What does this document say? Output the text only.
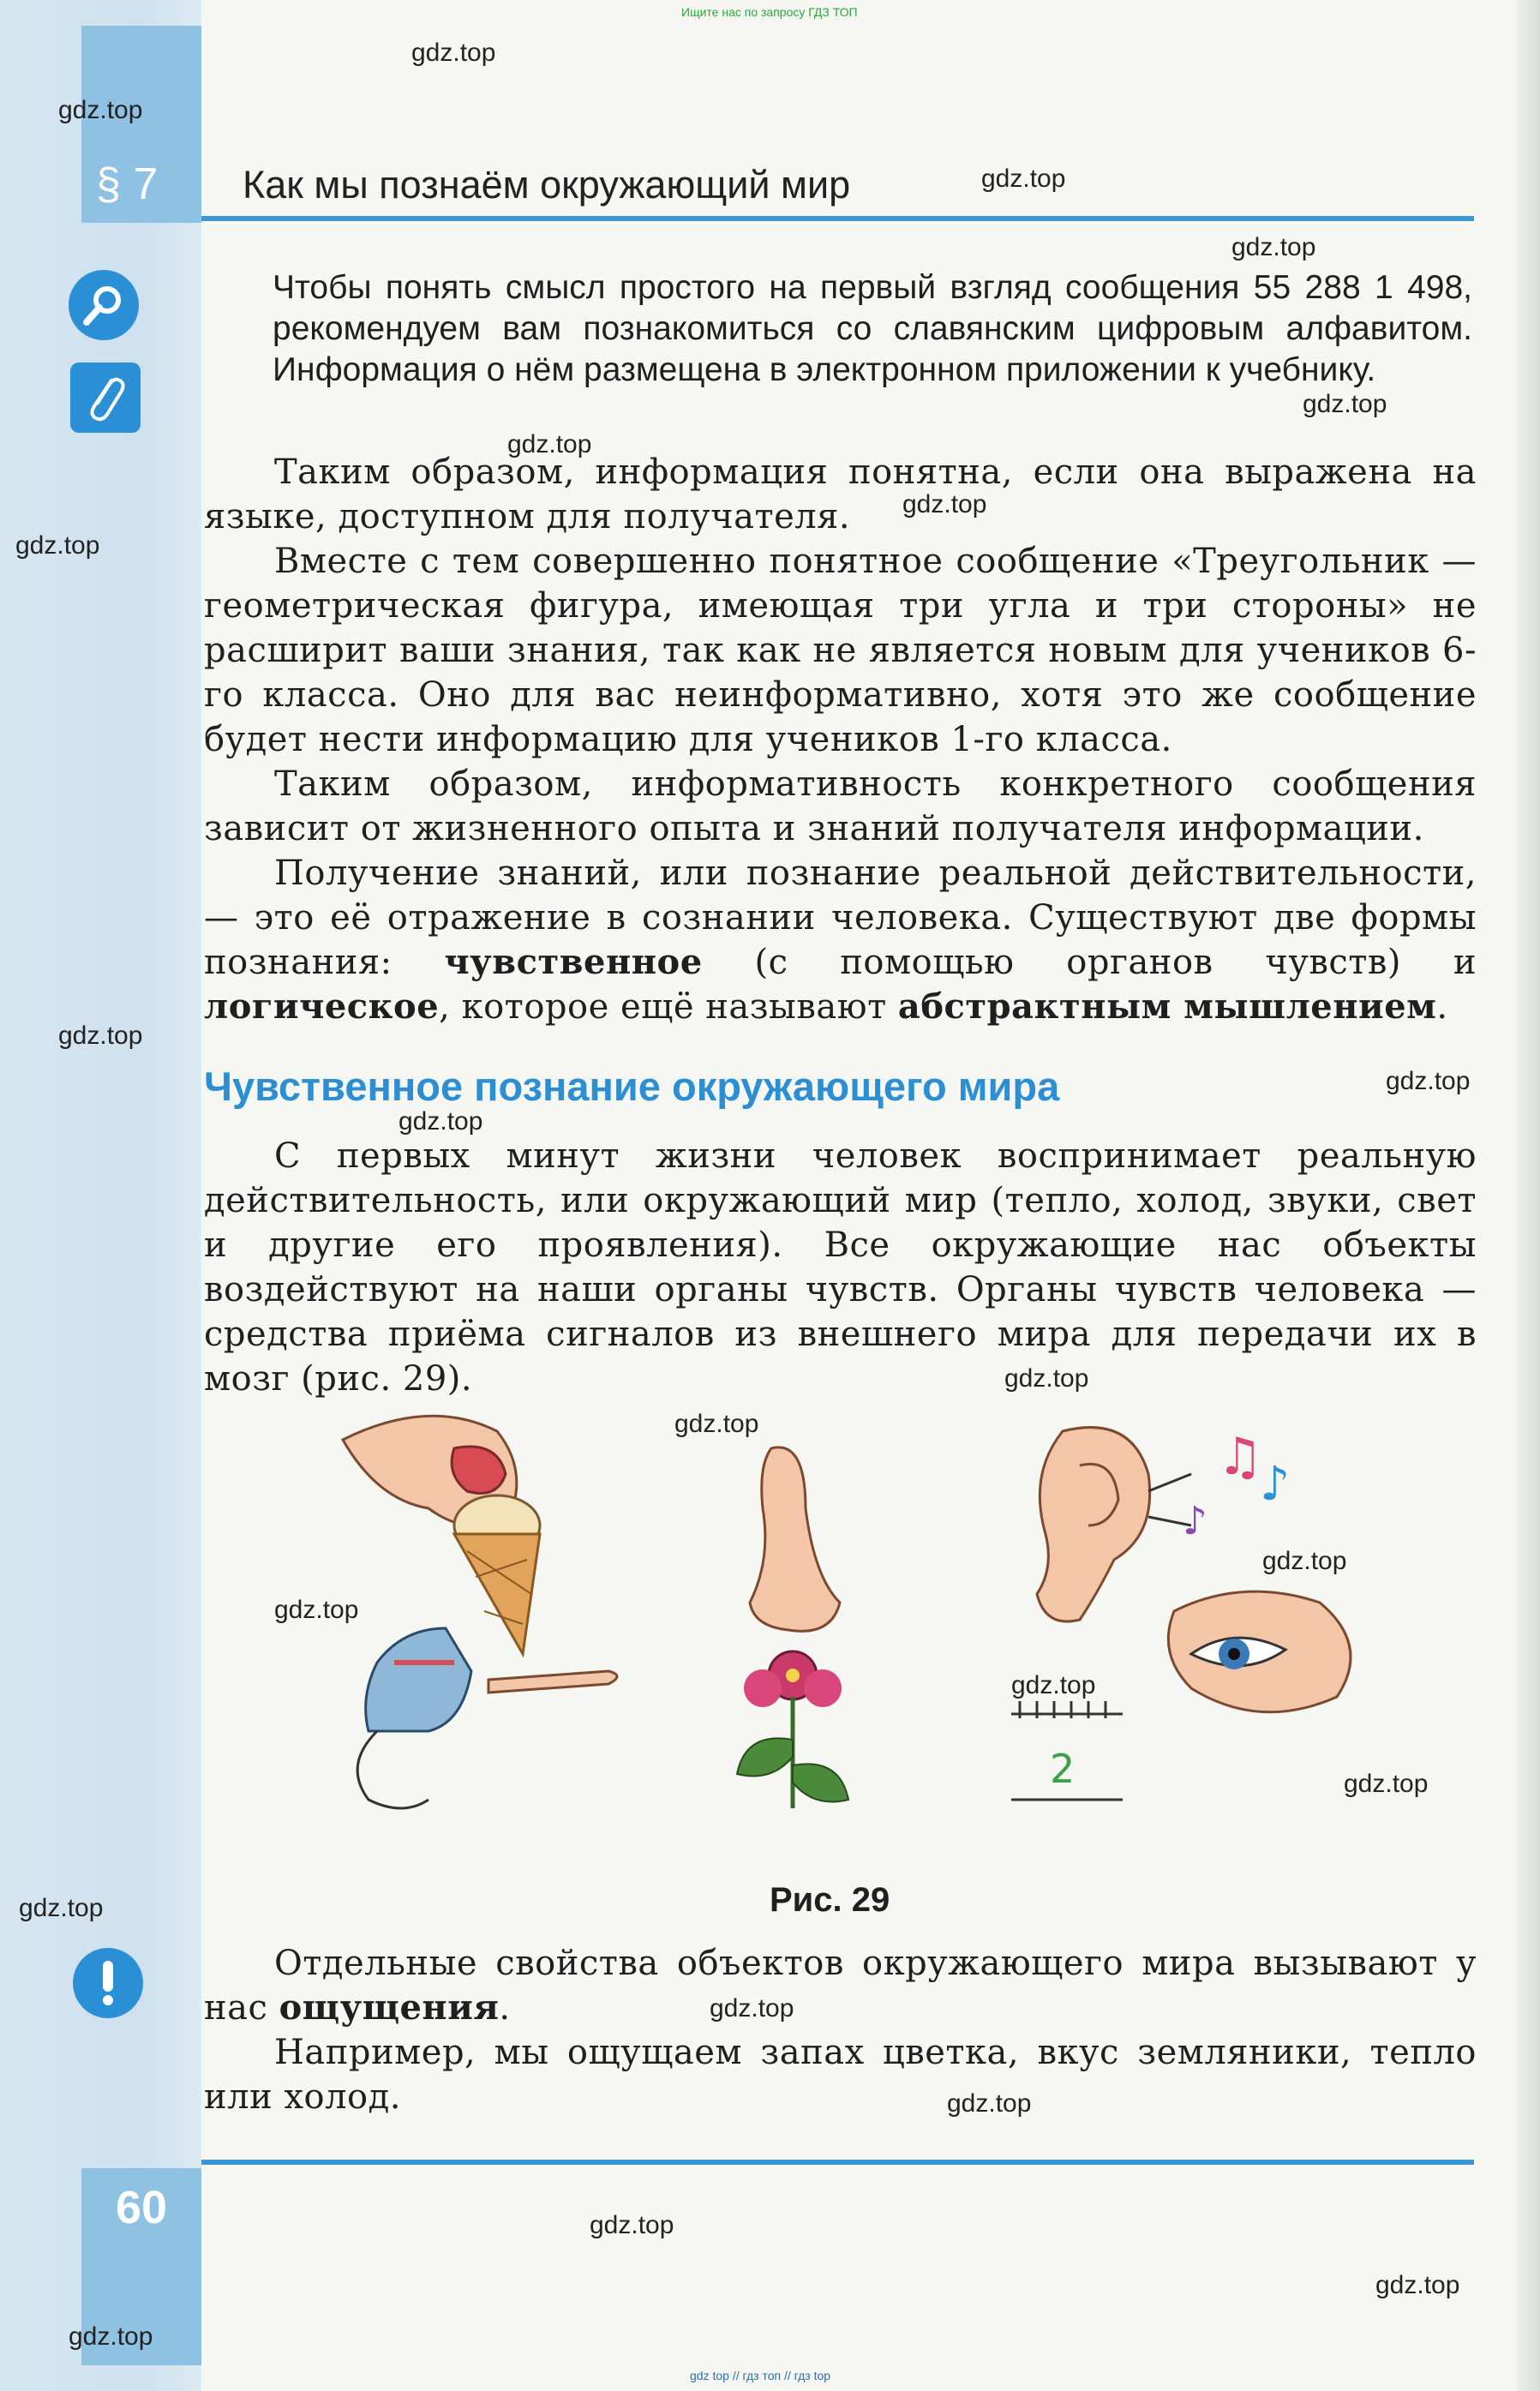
Ищите нас по запросу ГДЗ ТОП
§ 7 Как мы познаём окружающий мир

Чтобы понять смысл простого на первый взгляд сообщения 55 288 1 498, рекомендуем вам познакомиться со славянским цифровым алфавитом. Информация о нём размещена в электронном приложении к учебнику.

Таким образом, информация понятна, если она выражена на языке, доступном для получателя.

Вместе с тем совершенно понятное сообщение «Треугольник — геометрическая фигура, имеющая три угла и три стороны» не расширит ваши знания, так как не является новым для учеников 6-го класса. Оно для вас неинформативно, хотя это же сообщение будет нести информацию для учеников 1-го класса.

Таким образом, информативность конкретного сообщения зависит от жизненного опыта и знаний получателя информации.

Получение знаний, или познание реальной действительности, — это её отражение в сознании человека. Существуют две формы познания: чувственное (с помощью органов чувств) и логическое, которое ещё называют абстрактным мышлением.

Чувственное познание окружающего мира

С первых минут жизни человек воспринимает реальную действительность, или окружающий мир (тепло, холод, звуки, свет и другие его проявления). Все окружающие нас объекты воздействуют на наши органы чувств. Органы чувств человека — средства приёма сигналов из внешнего мира для передачи их в мозг (рис. 29).

♫
♪
♪
2
Рис. 29

Отдельные свойства объектов окружающего мира вызывают у нас ощущения.

Например, мы ощущаем запах цветка, вкус земляники, тепло или холод.

60
gdz.top
gdz.top
gdz.top
gdz.top
gdz.top
gdz.top
gdz.top
gdz.top
gdz.top
gdz.top
gdz.top
gdz.top
gdz.top
gdz.top
gdz.top
gdz.top
gdz.top
gdz.top
gdz.top
gdz.top
gdz.top
gdz.top
gdz.top
gdz top // гдз топ // гдз top
